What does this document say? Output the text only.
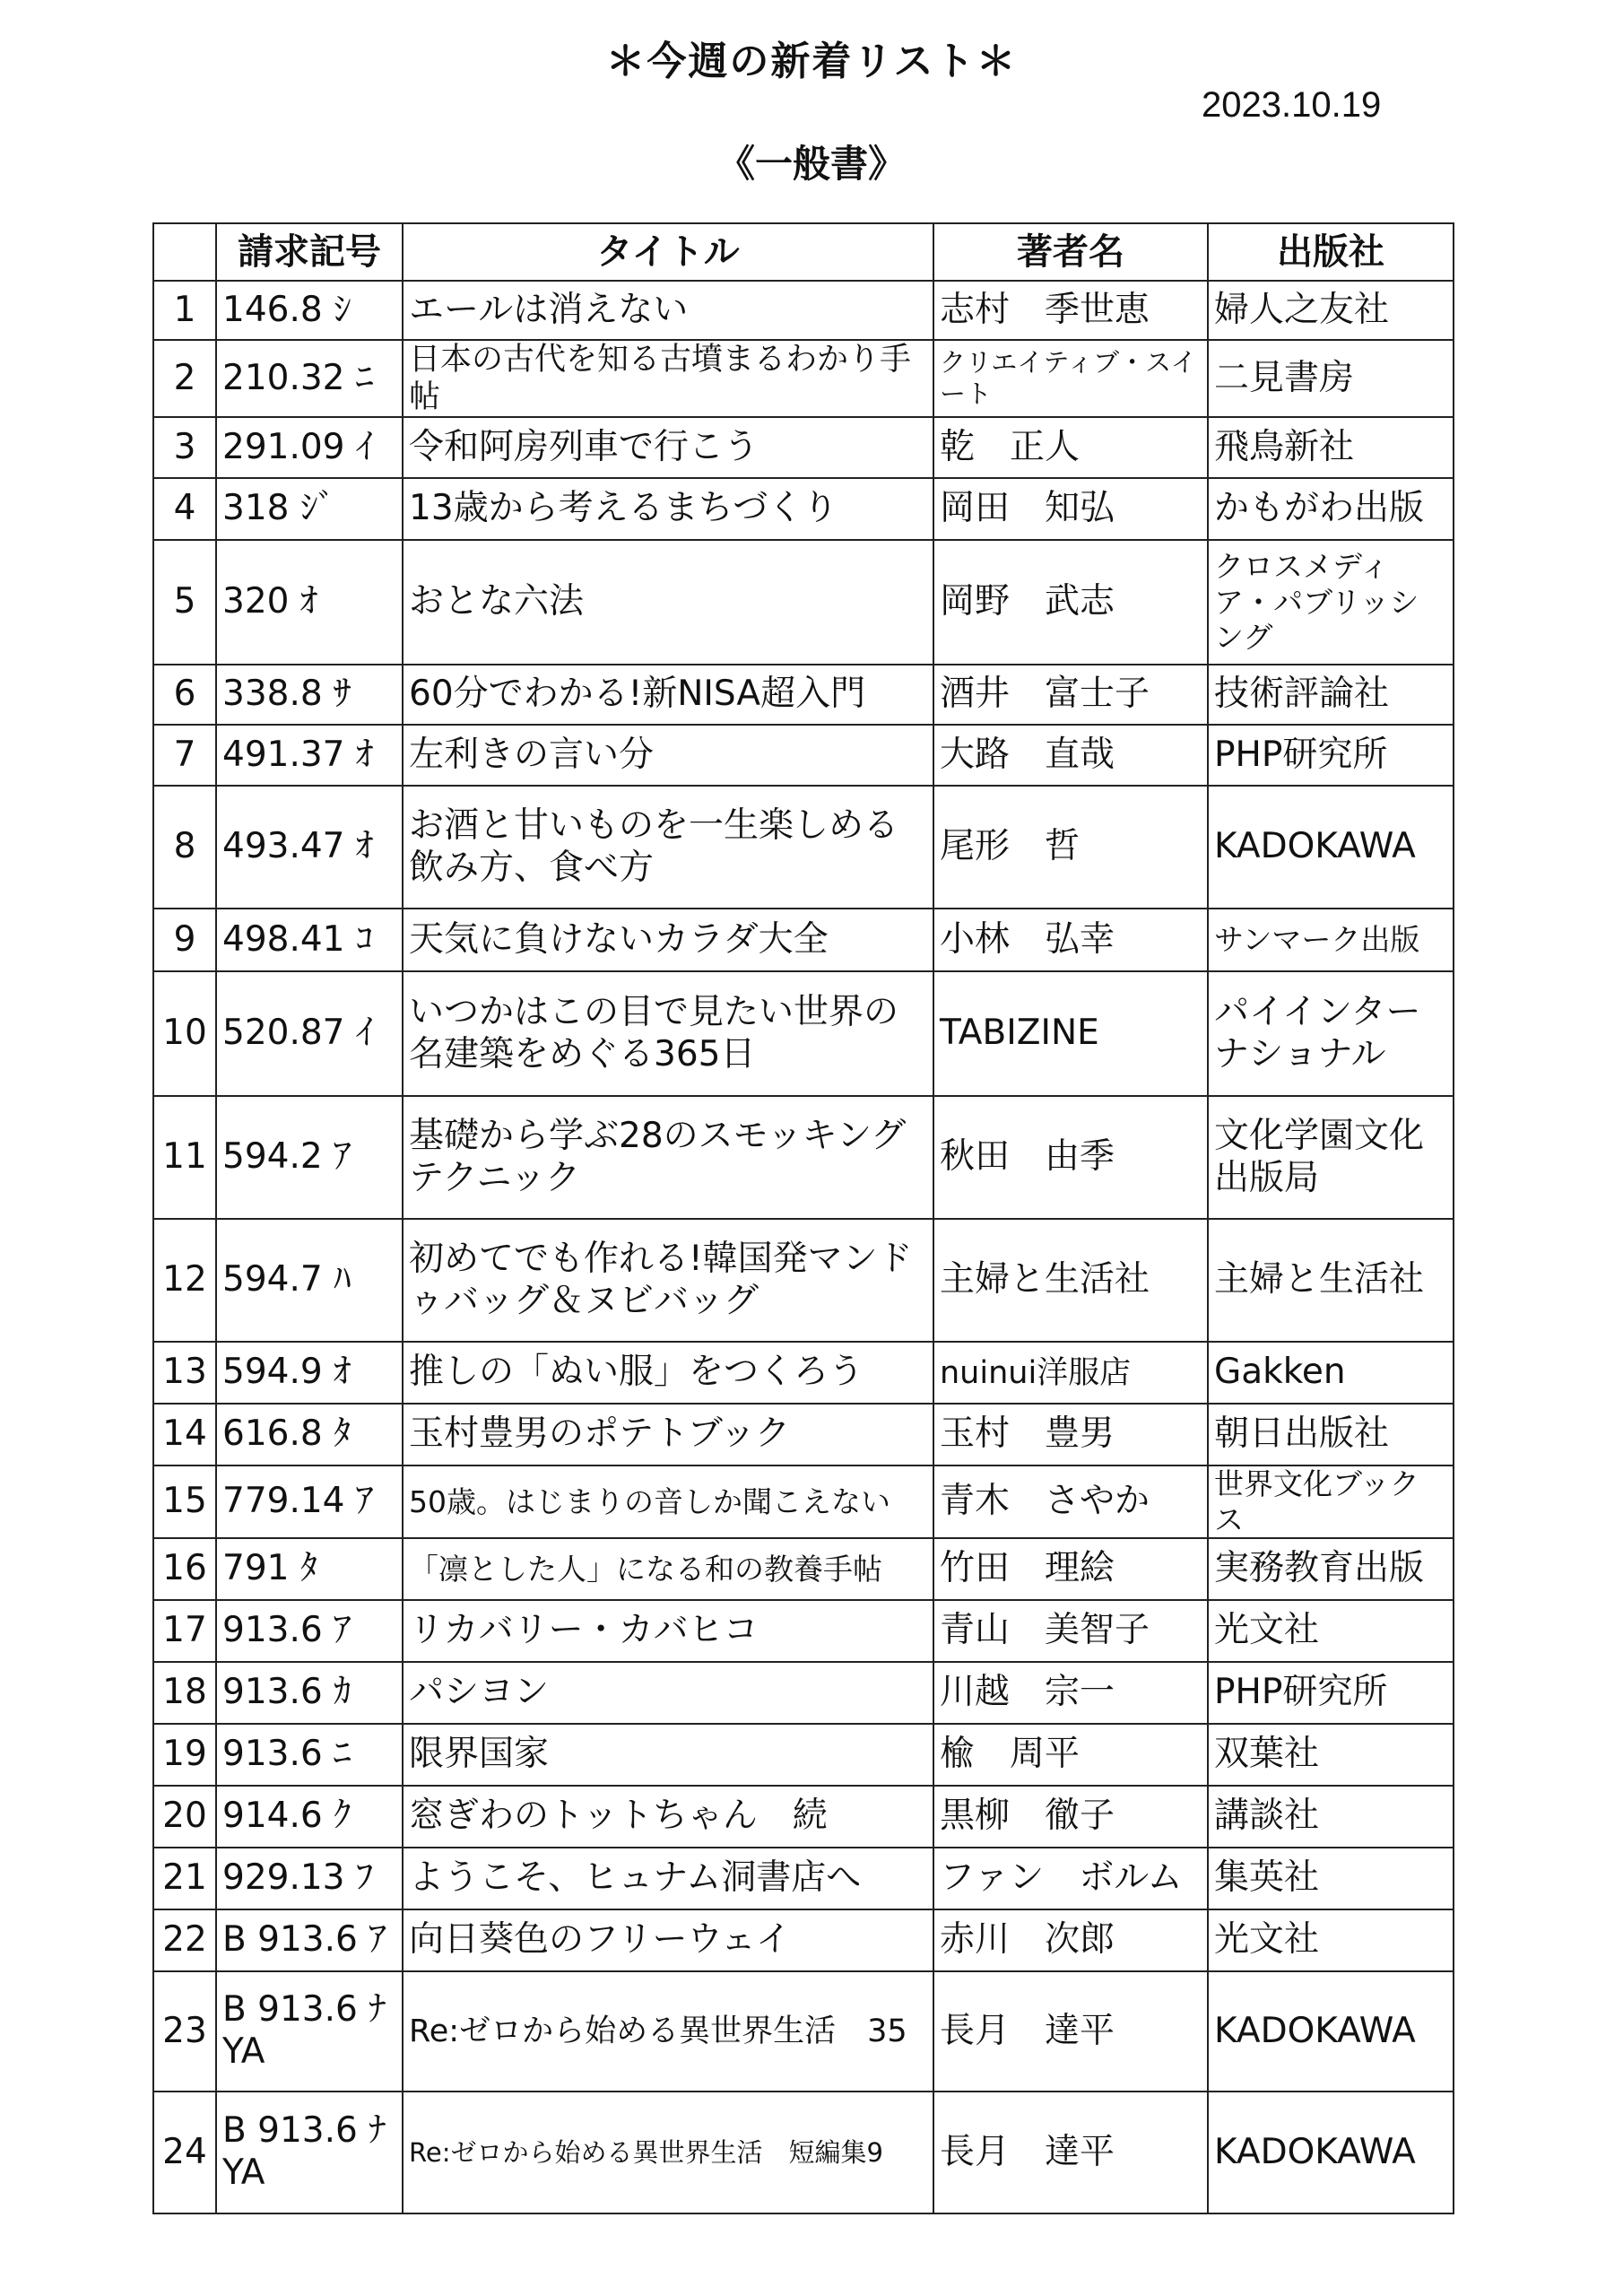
＊今週の新着リスト＊
2023.10.19
《一般書》
	請求記号	タイトル	著者名	出版社
1	146.8 ｼ	エールは消えない	志村　季世恵	婦人之友社
2	210.32 ﾆ	日本の古代を知る古墳まるわかり手帖	クリエイティブ・スイート	二見書房
3	291.09 ｲ	令和阿房列車で行こう	乾　正人	飛鳥新社
4	318 ｼﾞ	13歳から考えるまちづくり	岡田　知弘	かもがわ出版
5	320 ｵ	おとな六法	岡野　武志	クロスメディア・パブリッシング
6	338.8 ｻ	60分でわかる!新NISA超入門	酒井　富士子	技術評論社
7	491.37 ｵ	左利きの言い分	大路　直哉	PHP研究所
8	493.47 ｵ	お酒と甘いものを一生楽しめる飲み方、食べ方	尾形　哲	KADOKAWA
9	498.41 ｺ	天気に負けないカラダ大全	小林　弘幸	サンマーク出版
10	520.87 ｲ	いつかはこの目で見たい世界の名建築をめぐる365日	TABIZINE	パイインターナショナル
11	594.2 ｱ	基礎から学ぶ28のスモッキングテクニック	秋田　由季	文化学園文化出版局
12	594.7 ﾊ	初めてでも作れる!韓国発マンドゥバッグ＆ヌビバッグ	主婦と生活社	主婦と生活社
13	594.9 ｵ	推しの「ぬい服」をつくろう	nuinui洋服店	Gakken
14	616.8 ﾀ	玉村豊男のポテトブック	玉村　豊男	朝日出版社
15	779.14 ｱ	50歳。はじまりの音しか聞こえない	青木　さやか	世界文化ブックス
16	791 ﾀ	「凛とした人」になる和の教養手帖	竹田　理絵	実務教育出版
17	913.6 ｱ	リカバリー・カバヒコ	青山　美智子	光文社
18	913.6 ｶ	パシヨン	川越　宗一	PHP研究所
19	913.6 ﾆ	限界国家	楡　周平	双葉社
20	914.6 ｸ	窓ぎわのトットちゃん　続	黒柳　徹子	講談社
21	929.13 ﾌ	ようこそ、ヒュナム洞書店へ	ファン　ボルム	集英社
22	B 913.6 ｱ	向日葵色のフリーウェイ	赤川　次郎	光文社
23	B 913.6 ﾅ YA	Re:ゼロから始める異世界生活　35	長月　達平	KADOKAWA
24	B 913.6 ﾅ YA	Re:ゼロから始める異世界生活　短編集9	長月　達平	KADOKAWA
